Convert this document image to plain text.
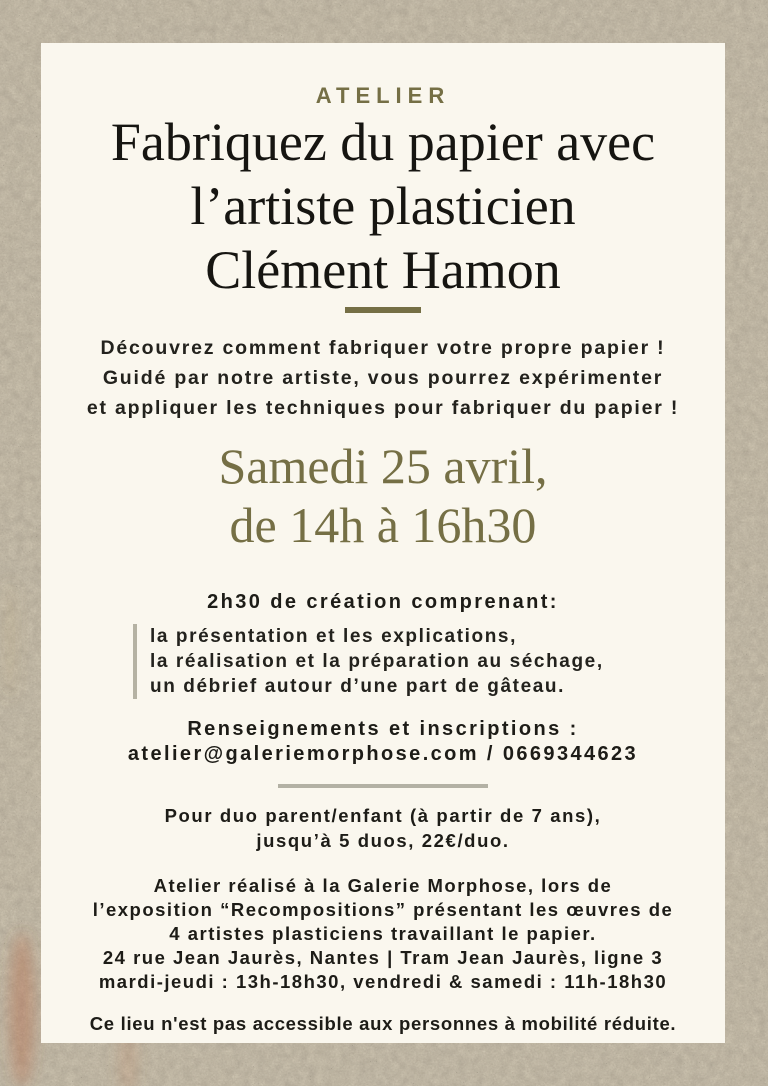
ATELIER
Fabriquez du papier avec
l’artiste plasticien
Clément Hamon

Découvrez comment fabriquer votre propre papier !
Guidé par notre artiste, vous pourrez expérimenter
et appliquer les techniques pour fabriquer du papier !

Samedi 25 avril,
de 14h à 16h30
2h30 de création comprenant:
la présentation et les explications,
la réalisation et la préparation au séchage,
un débrief autour d’une part de gâteau.
Renseignements et inscriptions :
atelier@galeriemorphose.com / 0669344623
Pour duo parent/enfant (à partir de 7 ans),
jusqu’à 5 duos, 22€/duo.
Atelier réalisé à la Galerie Morphose, lors de
l’exposition “Recompositions” présentant les œuvres de
4 artistes plasticiens travaillant le papier.
24 rue Jean Jaurès, Nantes | Tram Jean Jaurès, ligne 3
mardi-jeudi : 13h-18h30, vendredi & samedi : 11h-18h30
Ce lieu n'est pas accessible aux personnes à mobilité réduite.
